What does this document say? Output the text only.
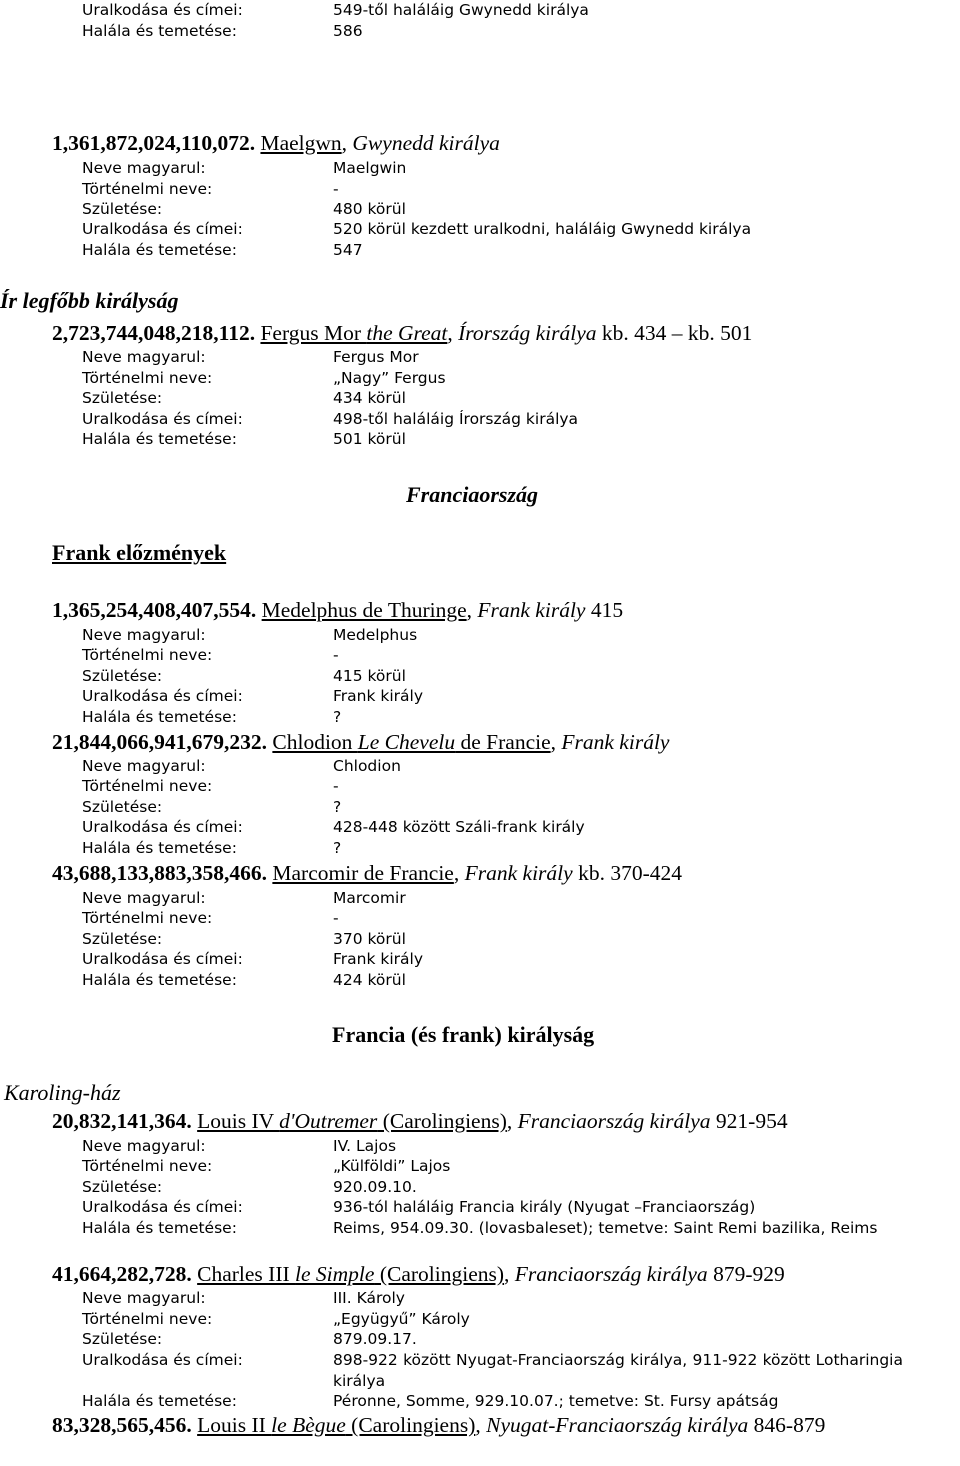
Uralkodása és címei:	549-től haláláig Gwynedd királya
Halála és temetése:	586
1,361,872,024,110,072. Maelgwn, Gwynedd királya
Neve magyarul:	Maelgwin
Történelmi neve:	-
Születése:	480 körül
Uralkodása és címei:	520 körül kezdett uralkodni, haláláig Gwynedd királya
Halála és temetése:	547
Ír legfőbb királyság
2,723,744,048,218,112. Fergus Mor the Great, Írország királya kb. 434 – kb. 501
Neve magyarul:	Fergus Mor
Történelmi neve:	„Nagy” Fergus
Születése:	434 körül
Uralkodása és címei:	498-től haláláig Írország királya
Halála és temetése:	501 körül
Franciaország
Frank előzmények
1,365,254,408,407,554. Medelphus de Thuringe, Frank király 415
Neve magyarul:	Medelphus
Történelmi neve:	-
Születése:	415 körül
Uralkodása és címei:	Frank király
Halála és temetése:	?
21,844,066,941,679,232. Chlodion Le Chevelu de Francie, Frank király
Neve magyarul:	Chlodion
Történelmi neve:	-
Születése:	?
Uralkodása és címei:	428-448 között Száli-frank király
Halála és temetése:	?
43,688,133,883,358,466. Marcomir de Francie, Frank király kb. 370-424
Neve magyarul:	Marcomir
Történelmi neve:	-
Születése:	370 körül
Uralkodása és címei:	Frank király
Halála és temetése:	424 körül
Francia (és frank) királyság
Karoling-ház
20,832,141,364. Louis IV d'Outremer (Carolingiens), Franciaország királya 921-954
Neve magyarul:	IV. Lajos
Történelmi neve:	„Külföldi” Lajos
Születése:	920.09.10.
Uralkodása és címei:	936-tól haláláig Francia király (Nyugat –Franciaország)
Halála és temetése:	Reims, 954.09.30. (lovasbaleset); temetve: Saint Remi bazilika, Reims
41,664,282,728. Charles III le Simple (Carolingiens), Franciaország királya 879-929
Neve magyarul:	III. Károly
Történelmi neve:	„Együgyű” Károly
Születése:	879.09.17.
Uralkodása és címei:	898-922 között Nyugat-Franciaország királya, 911-922 között Lotharingia királya
Halála és temetése:	Péronne, Somme, 929.10.07.; temetve: St. Fursy apátság
83,328,565,456. Louis II le Bègue (Carolingiens), Nyugat-Franciaország királya 846-879
